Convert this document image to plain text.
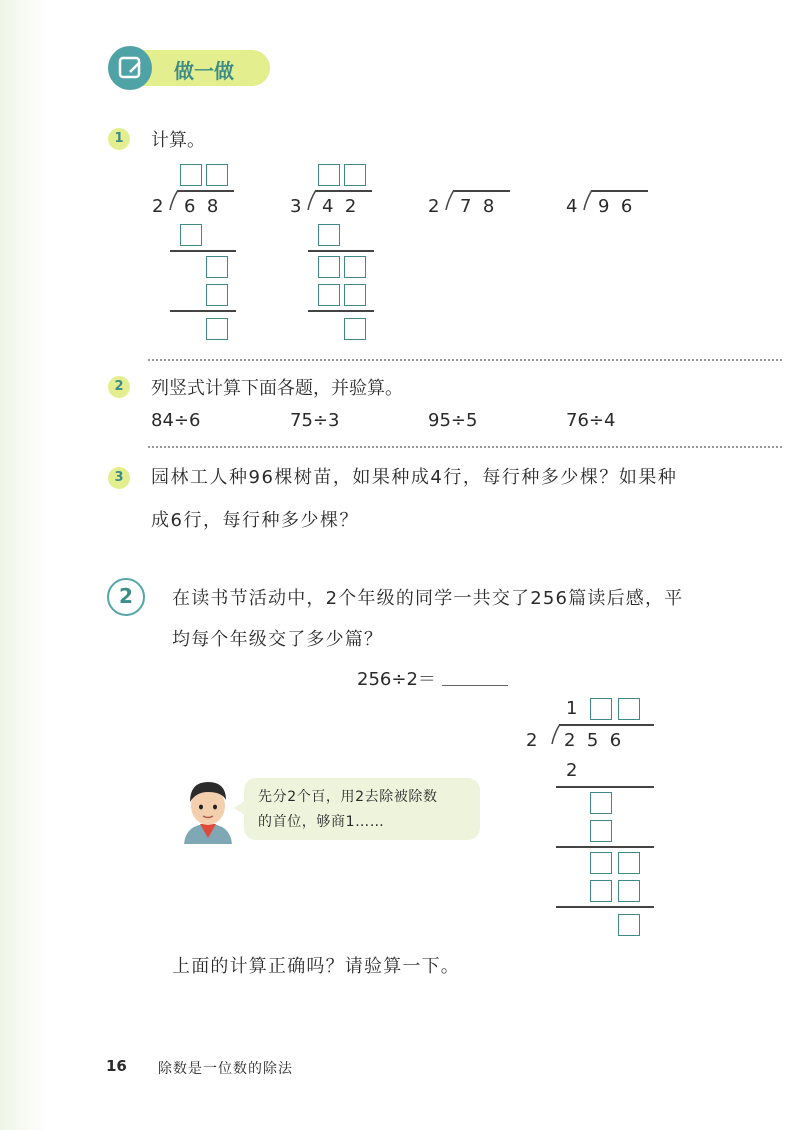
做一做
1	计算。
2 6  8	3 4  2	2 7  8	4 9  6
2	列竖式计算下面各题，并验算。
84÷6	75÷3	95÷5	76÷4
3	园林工人种96棵树苗，如果种成4行，每行种多少棵？如果种
成6行，每行种多少棵？
2	在读书节活动中，2个年级的同学一共交了256篇读后感，平
均每个年级交了多少篇？
256÷2＝
1
2 2  5  6
2
先分2个百，用2去除被除数
的首位，够商1……
上面的计算正确吗？请验算一下。
16 除数是一位数的除法
